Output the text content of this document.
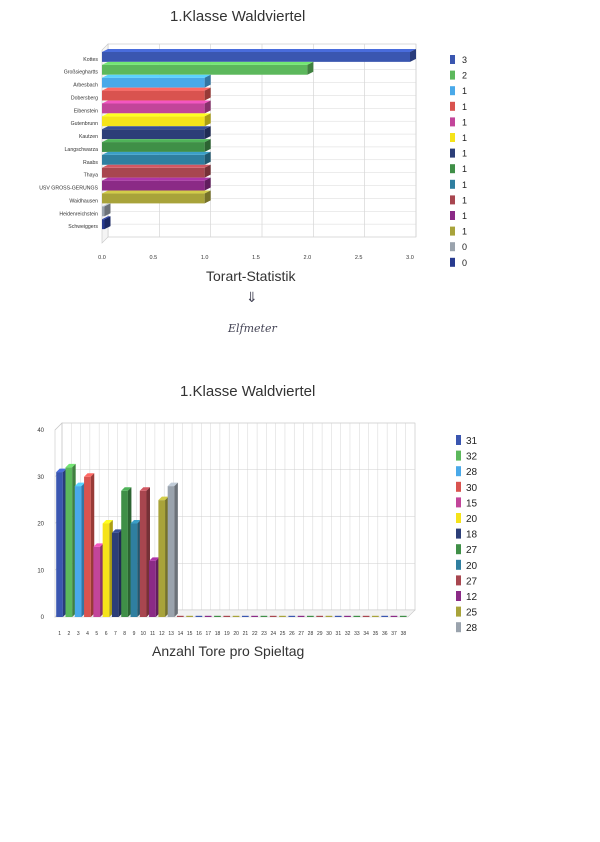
1.Klasse Waldviertel
Kottes
Großsieghartts
Arbesbach
Dobersberg
Eibenstein
Gutenbrunn
Kautzen
Langschwarza
Raabs
Thaya
USV GROSS-GERUNGS
Waidhausen
Heidenreichstein
Schweiggers
0.0	0.5	1.0	1.5	2.0	2.5	3.0
3
2
1
1
1
1
1
1
1
1
1
1
0
0
Torart-Statistik
⇓
Elfmeter
1.Klasse Waldviertel
0
10
20
30
40
1 2 3 4 5 6 7 8 9 10 11 12 13 14 15 16 17 18 19 20 21 22 23 24 25 26 27 28 29 30 31 32 33 34 35 36 37 38
31
32
28
30
15
20
18
27
20
27
12
25
28
Anzahl Tore pro Spieltag
